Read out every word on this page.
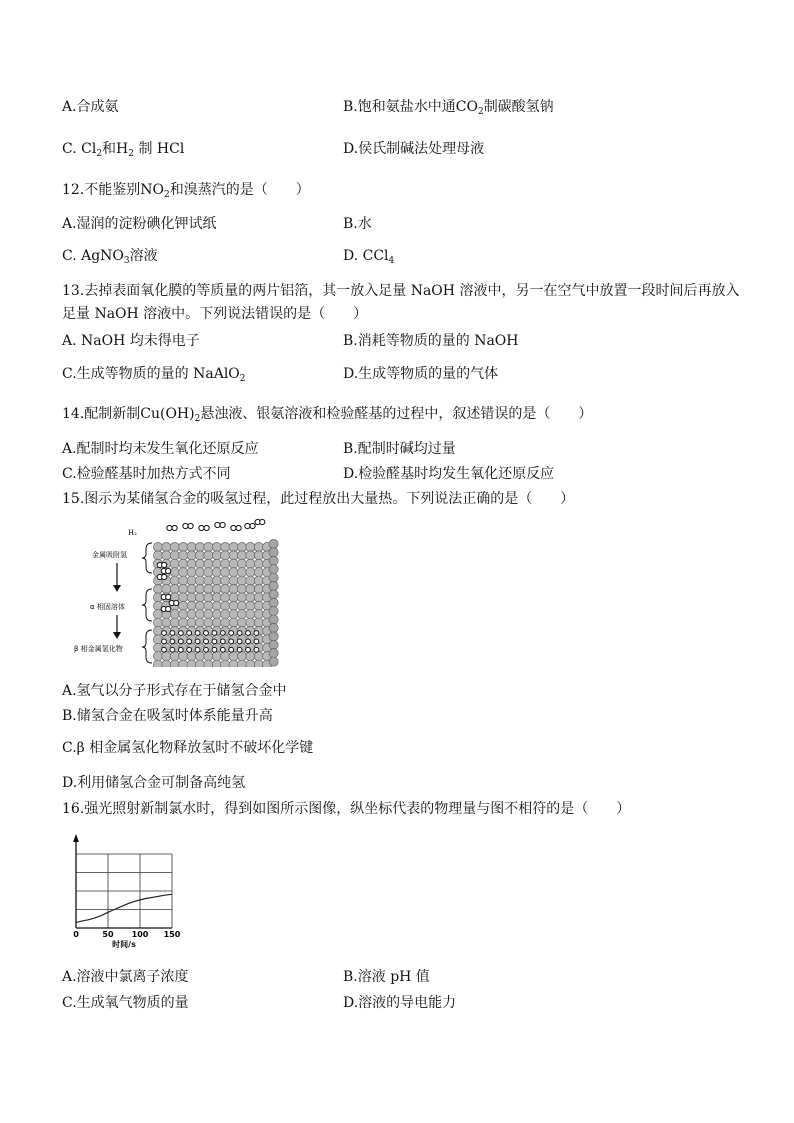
A.合成氨	B.饱和氨盐水中通$CO_2$制碳酸氢钠
C. $Cl_2$和$H_2$ 制 HCl	D.侯氏制碱法处理母液
12.不能鉴别$NO_2$和溴蒸汽的是（　　）
A.湿润的淀粉碘化钾试纸	B.水
C. AgNO$_3$溶液	D. CCl$_4$
13.去掉表面氧化膜的等质量的两片铝箔，其一放入足量 NaOH 溶液中，另一在空气中放置一段时间后再放入
足量 NaOH 溶液中。下列说法错误的是（　　）
A. NaOH 均未得电子	B.消耗等物质的量的 NaOH
C.生成等物质的量的 NaAlO$_2$	D.生成等物质的量的气体
14.配制新制$Cu(OH)_2$悬浊液、银氨溶液和检验醛基的过程中，叙述错误的是（　　）
A.配制时均未发生氧化还原反应	B.配制时碱均过量
C.检验醛基时加热方式不同	D.检验醛基时均发生氧化还原反应
15.图示为某储氢合金的吸氢过程，此过程放出大量热。下列说法正确的是（　　）
H₂
金属吸附氢
α 相固溶体
β 相金属氢化物
A.氢气以分子形式存在于储氢合金中
B.储氢合金在吸氢时体系能量升高
C.β 相金属氢化物释放氢时不破坏化学键
D.利用储氢合金可制备高纯氢
16.强光照射新制氯水时，得到如图所示图像，纵坐标代表的物理量与图不相符的是（　　）
0	50 100 150
时间/s
A.溶液中氯离子浓度	B.溶液 pH 值
C.生成氧气物质的量	D.溶液的导电能力
